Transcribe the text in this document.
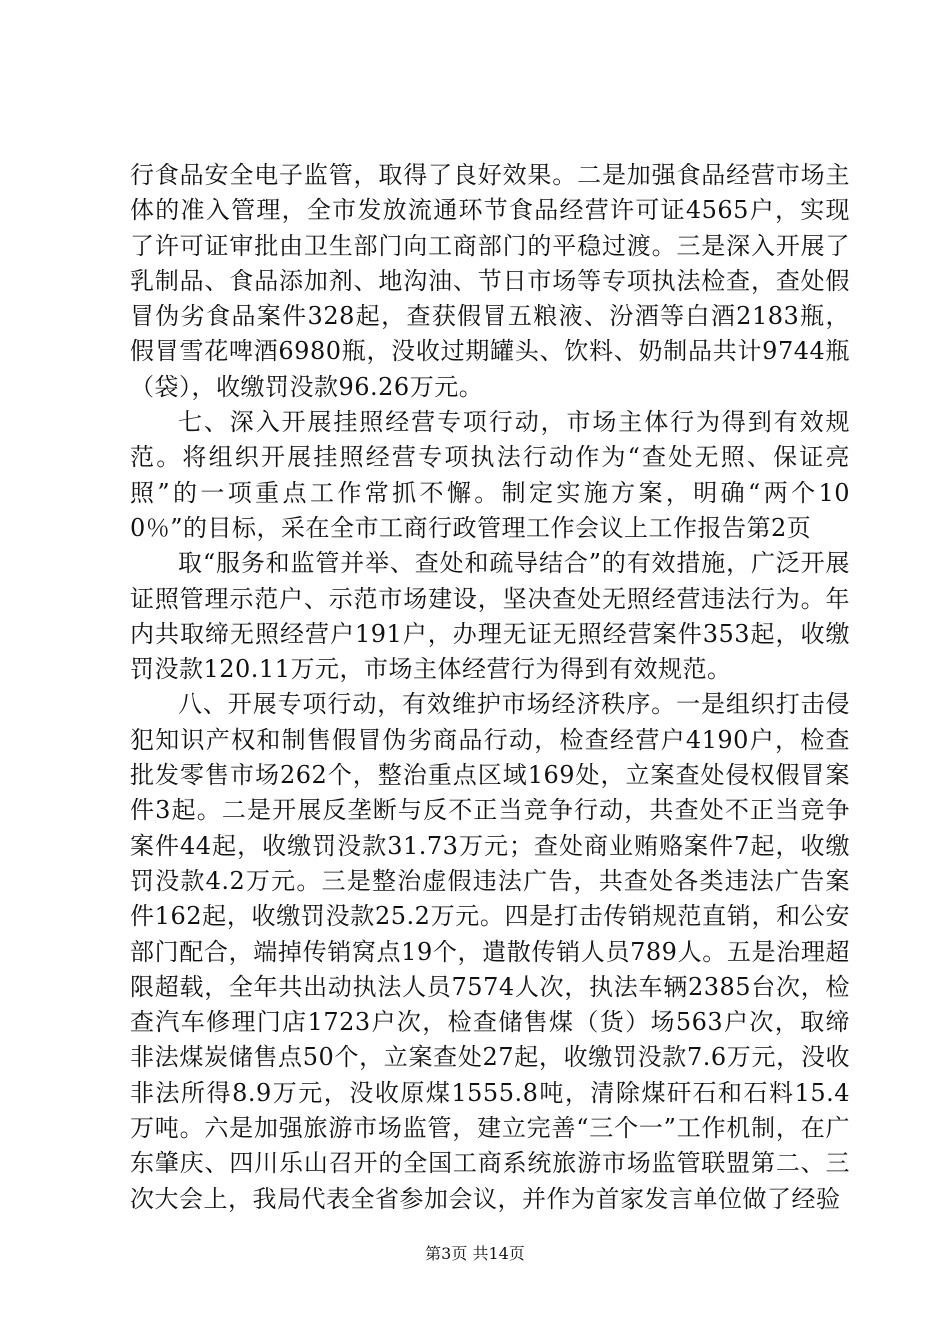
行食品安全电子监管，取得了良好效果。二是加强食品经营市场主体的准入管理，全市发放流通环节食品经营许可证4565户，实现了许可证审批由卫生部门向工商部门的平稳过渡。三是深入开展了乳制品、食品添加剂、地沟油、节日市场等专项执法检查，查处假冒伪劣食品案件328起，查获假冒五粮液、汾酒等白酒2183瓶，假冒雪花啤酒6980瓶，没收过期罐头、饮料、奶制品共计9744瓶（袋），收缴罚没款96.26万元。

七、深入开展挂照经营专项行动，市场主体行为得到有效规范。将组织开展挂照经营专项执法行动作为“查处无照、保证亮照”的一项重点工作常抓不懈。制定实施方案，明确“两个100％”的目标，采在全市工商行政管理工作会议上工作报告第2页

取“服务和监管并举、查处和疏导结合”的有效措施，广泛开展证照管理示范户、示范市场建设，坚决查处无照经营违法行为。年内共取缔无照经营户191户，办理无证无照经营案件353起，收缴罚没款120.11万元，市场主体经营行为得到有效规范。

八、开展专项行动，有效维护市场经济秩序。一是组织打击侵犯知识产权和制售假冒伪劣商品行动，检查经营户4190户，检查批发零售市场262个，整治重点区域169处，立案查处侵权假冒案件3起。二是开展反垄断与反不正当竞争行动，共查处不正当竞争案件44起，收缴罚没款31.73万元；查处商业贿赂案件7起，收缴罚没款4.2万元。三是整治虚假违法广告，共查处各类违法广告案件162起，收缴罚没款25.2万元。四是打击传销规范直销，和公安部门配合，端掉传销窝点19个，遣散传销人员789人。五是治理超限超载，全年共出动执法人员7574人次，执法车辆2385台次，检查汽车修理门店1723户次，检查储售煤（货）场563户次，取缔非法煤炭储售点50个，立案查处27起，收缴罚没款7.6万元，没收非法所得8.9万元，没收原煤1555.8吨，清除煤矸石和石料15.4万吨。六是加强旅游市场监管，建立完善“三个一”工作机制，在广东肇庆、四川乐山召开的全国工商系统旅游市场监管联盟第二、三次大会上，我局代表全省参加会议，并作为首家发言单位做了经验

第3页 共14页
